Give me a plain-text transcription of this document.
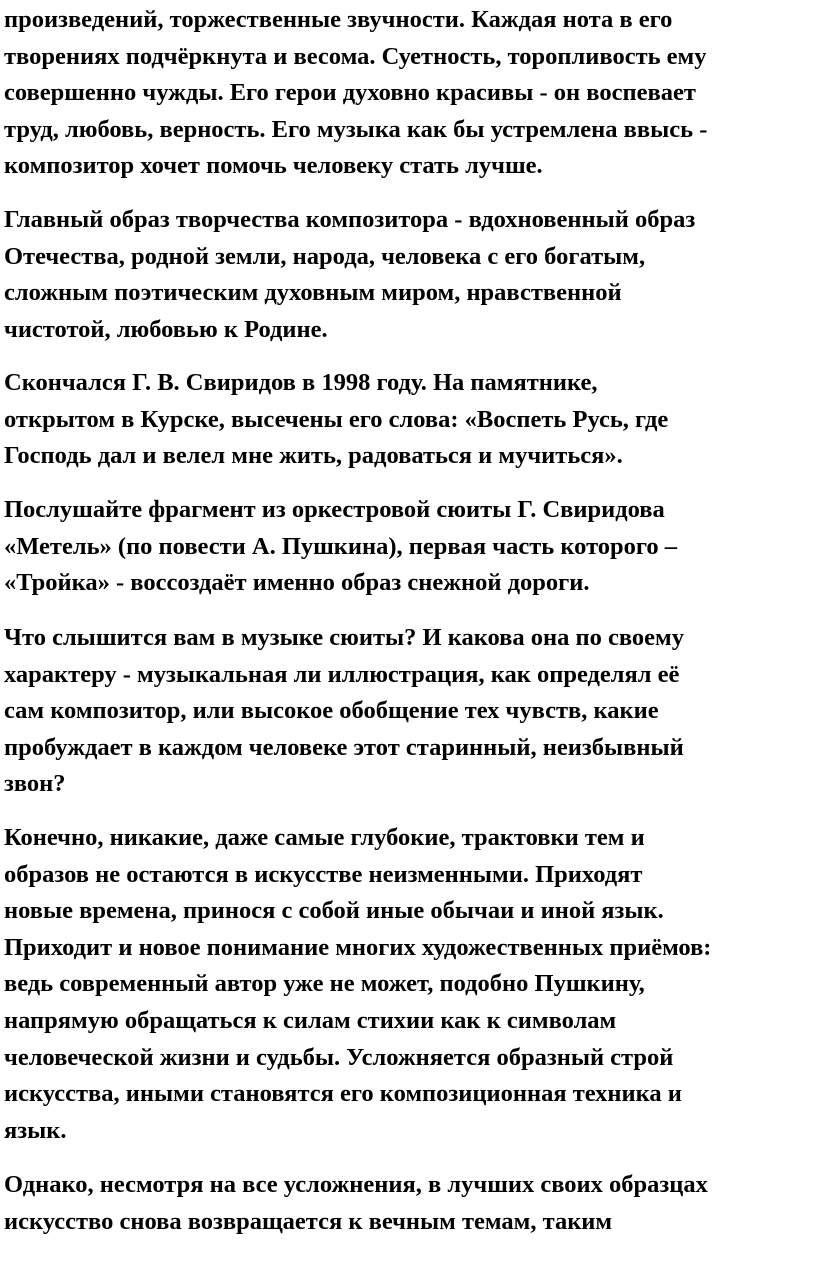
произведений, торжественные звучности. Каждая нота в его
творениях подчёркнута и весома. Суетность, торопливость ему
совершенно чужды. Его герои духовно красивы - он воспевает
труд, любовь, верность. Его музыка как бы устремлена ввысь -
композитор хочет помочь человеку стать лучше.

Главный образ творчества композитора - вдохновенный образ
Отечества, родной земли, народа, человека с его богатым,
сложным поэтическим духовным миром, нравственной
чистотой, любовью к Родине.

Скончался Г. В. Свиридов в 1998 году. На памятнике,
открытом в Курске, высечены его слова: «Воспеть Русь, где
Господь дал и велел мне жить, радоваться и мучиться».

Послушайте фрагмент из оркестровой сюиты Г. Свиридова
«Метель» (по повести А. Пушкина), первая часть которого –
«Тройка» - воссоздаёт именно образ снежной дороги.

Что слышится вам в музыке сюиты? И какова она по своему
характеру - музыкальная ли иллюстрация, как определял её
сам композитор, или высокое обобщение тех чувств, какие
пробуждает в каждом человеке этот старинный, неизбывный
звон?

Конечно, никакие, даже самые глубокие, трактовки тем и
образов не остаются в искусстве неизменными. Приходят
новые времена, принося с собой иные обычаи и иной язык.
Приходит и новое понимание многих художественных приёмов:
ведь современный автор уже не может, подобно Пушкину,
напрямую обращаться к силам стихии как к символам
человеческой жизни и судьбы. Усложняется образный строй
искусства, иными становятся его композиционная техника и
язык.

Однако, несмотря на все усложнения, в лучших своих образцах
искусство снова возвращается к вечным темам, таким
